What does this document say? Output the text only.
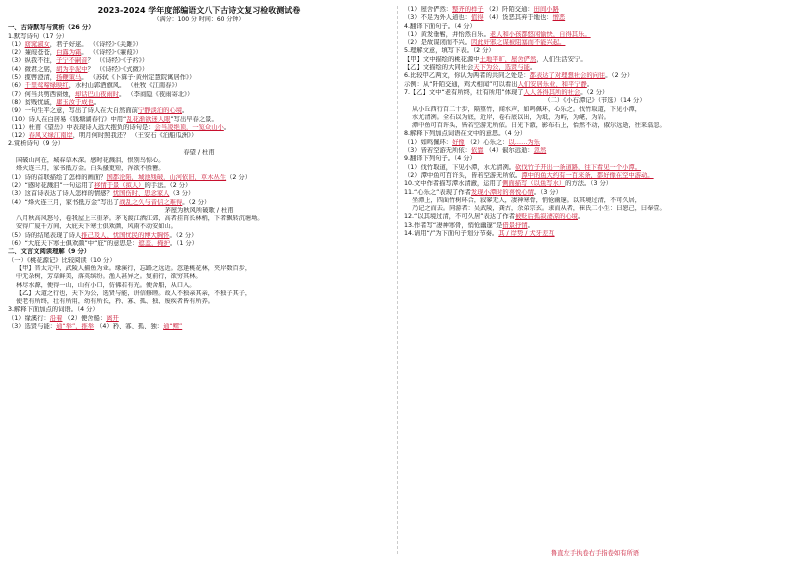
2023-2024 学年度部编语文八下古诗文复习检收测试卷

（满分：100 分 时间：60 分钟）

一、古诗默写与赏析（26 分）

1.默写诗句（17 分）

（1）窈窕淑女，君子好逑。 （《诗经》·《关雎》）

（2）蒹葭苍苍，白露为霜。 （《诗经》·《蒹葭》）

（3）纵我不往，子宁不嗣音？ （《诗经》·《子衿》）

（4）微君之躬，胡为乎泥中？ （《诗经》·《式微》）

（5）揽辔澄清，扬鞭策马。 （苏轼《卜算子·黄州定慧院寓居作》）

（6）千里莺啼绿映红，水村山郭酒旗风。 （杜牧《江南春》）

（7）何当共剪西窗烛，却话巴山夜雨时。 （李商隐《夜雨寄北》）

（8）贫贱忧戚，庸玉汝于成也。

（9）一句生平之意，写出了诗人在大自然面前宁静淡泊的心境。

（10）诗人在白居易《钱塘湖春行》中用“乱花渐欲迷人眼”写出早春之景。

（11）杜甫《望岳》中表现诗人远大抱负的诗句是：会当凌绝顶，一览众山小。

（12）春风又绿江南岸，明月何时照我还？ （王安石《泊船瓜洲》）

2.赏析诗句（9 分）

春望 / 杜甫

国破山河在，城春草木深。感时花溅泪，恨别鸟惊心。

烽火连三月，家书抵万金。白头搔更短，浑欲不胜簪。

（1）诗的首联描绘了怎样的画面？国都沦陷，城池残破，山河依旧，草木丛生（2 分）

（2）“感时花溅泪”一句运用了移情于景（拟人）的手法。（2 分）

（3）这首诗表达了诗人怎样的情感？忧国伤时、思念家人（3 分）

（4）“烽火连三月，家书抵万金”写出了战乱之久与音信之难得。（2 分）

茅屋为秋风所破歌 / 杜甫

八月秋高风怒号，卷我屋上三重茅。茅飞渡江洒江郊，高者挂罥长林梢，下者飘转沉塘坳。

安得广厦千万间，大庇天下寒士俱欢颜，风雨不动安如山。

（5）诗的结尾表现了诗人推己及人、忧国忧民的博大胸怀。（2 分）

（6）“大庇天下寒士俱欢颜”中“庇”的意思是：遮盖，掩护。（1 分）

二、文言文阅读理解（9 分）

（一）《桃花源记》比较阅读（10 分）

【甲】晋太元中，武陵人捕鱼为业。缘溪行，忘路之远近。忽逢桃花林，夹岸数百步，

中无杂树，芳草鲜美，落英缤纷。渔人甚异之。复前行，欲穷其林。

林尽水源，便得一山，山有小口，仿佛若有光。便舍船，从口入。

【乙】大道之行也，天下为公，选贤与能，讲信修睦。故人不独亲其亲，不独子其子，

使老有所终，壮有所用，幼有所长，矜、寡、孤、独、废疾者皆有所养。

3.解释下面加点的词语。（4 分）

（1）缘溪行：沿着 （2）便舍船：离开

（3）选贤与能：通“举”，推举 （4）矜、寡、孤、独：通“鳏”

（1）屋舍俨然：整齐的样子 （2）阡陌交通：田间小路

（3）不足为外人道也：值得 （4）货恶其弃于地也：憎恶

4.翻译下面句子。（4 分）

（1）黄发垂髫，并怡然自乐。老人和小孩都悠闲愉快，自得其乐。

（2）是故谋闭而不兴。因此奸邪之谋被阻塞而不能兴起。

5.理解文意，填写下表。（2 分）

【甲】文中描绘的桃花源中土地平旷，屋舍俨然，人们生活安宁。

【乙】文描绘的大同社会天下为公，选贤与能。

6.比较甲乙两文，你认为两者的共同之处是：都表达了对理想社会的向往。（2 分）

示例：从“阡陌交通，鸡犬相闻”可以看出人们安居乐业、和平宁静。

7.【乙】文中“老有所终，壮有所用”体现了人人各得其所的社会。（2 分）

（二）《小石潭记》（节选）（14 分）

从小丘西行百二十步，隔篁竹，闻水声，如鸣佩环，心乐之。伐竹取道，下见小潭，

水尤清冽。全石以为底，近岸，卷石底以出，为坻，为屿，为嵁，为岩。

潭中鱼可百许头，皆若空游无所依。日光下澈，影布石上，佁然不动，俶尔远逝，往来翕忽。

8.解释下列加点词语在文中的意思。（4 分）

（1）如鸣佩环：好像 （2）心乐之：以……为乐

（3）皆若空游无所依：依靠 （4）俶尔远逝：忽然

9.翻译下列句子。（4 分）

（1）伐竹取道，下见小潭，水尤清冽。砍伐竹子开出一条道路，往下看见一个小潭。

（2）潭中鱼可百许头，皆若空游无所依。潭中的鱼大约有一百来条，都好像在空中游动。

10.文中作者描写潭水清澈，运用了侧面描写（以鱼写水）的方法。（3 分）

11.“心乐之”表现了作者发现小潭时的喜悦心情。（3 分）

坐潭上，四面竹树环合，寂寥无人，凄神寒骨，悄怆幽邃。以其境过清，不可久居，

乃记之而去。同游者：吴武陵，龚古，余弟宗玄。隶而从者，崔氏二小生：曰恕己，曰奉壹。

12.“以其境过清，不可久居”表达了作者被贬后孤寂凄凉的心境。

13.作者写“凄神寒骨，悄怆幽邃”是借景抒情。

14.请用“/”为下面句子划分节奏。其 / 岸势 / 犬牙差互

鲁直左手执卷右手指卷如有所语
